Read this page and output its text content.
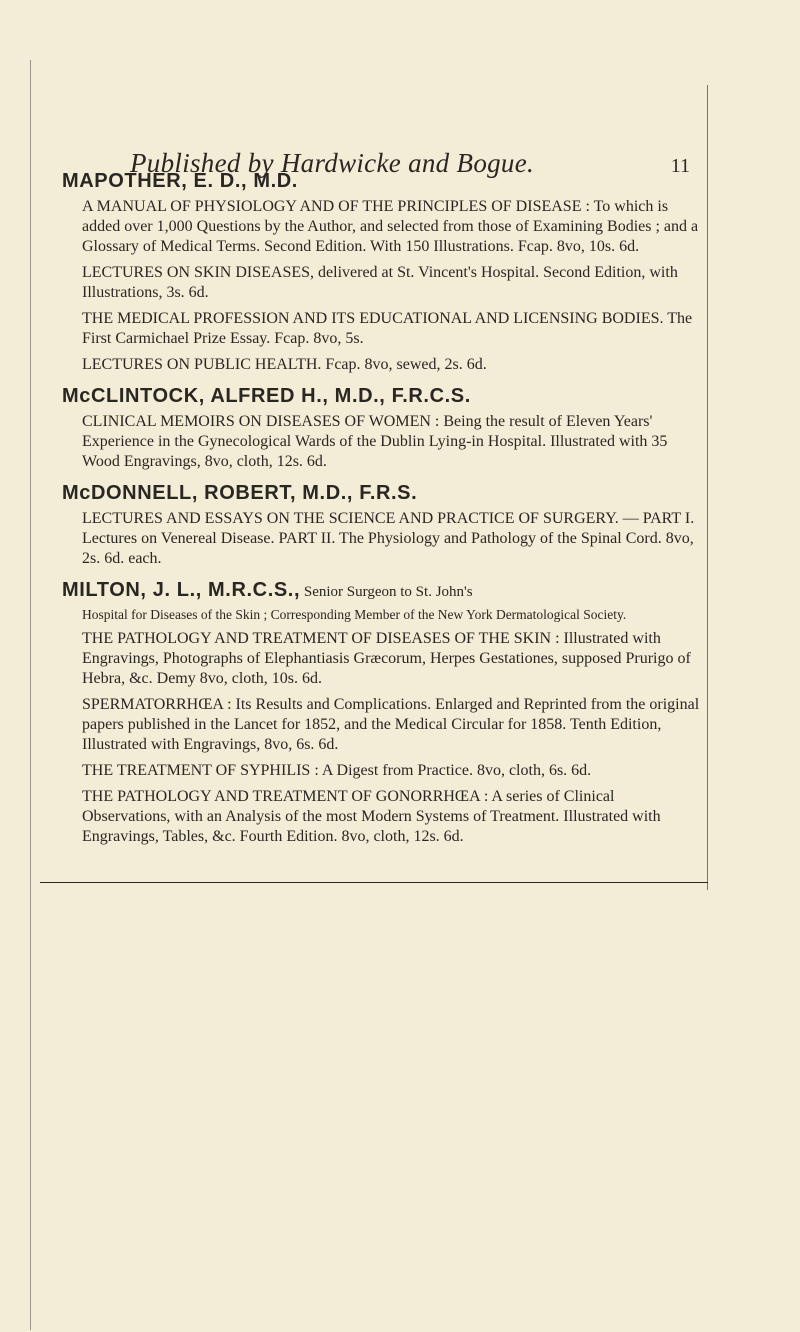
Published by Hardwicke and Bogue.	11
MAPOTHER, E. D., M.D.

A MANUAL OF PHYSIOLOGY AND OF THE PRINCIPLES OF DISEASE : To which is added over 1,000 Questions by the Author, and selected from those of Examining Bodies ; and a Glossary of Medical Terms. Second Edition. With 150 Illustrations. Fcap. 8vo, 10s. 6d.

LECTURES ON SKIN DISEASES, delivered at St. Vincent's Hospital. Second Edition, with Illustrations, 3s. 6d.

THE MEDICAL PROFESSION AND ITS EDUCATIONAL AND LICENSING BODIES. The First Carmichael Prize Essay. Fcap. 8vo, 5s.

LECTURES ON PUBLIC HEALTH. Fcap. 8vo, sewed, 2s. 6d.

McCLINTOCK, ALFRED H., M.D., F.R.C.S.

CLINICAL MEMOIRS ON DISEASES OF WOMEN : Being the result of Eleven Years' Experience in the Gynecological Wards of the Dublin Lying-in Hospital. Illustrated with 35 Wood Engravings, 8vo, cloth, 12s. 6d.

McDONNELL, ROBERT, M.D., F.R.S.

LECTURES AND ESSAYS ON THE SCIENCE AND PRACTICE OF SURGERY. — PART I. Lectures on Venereal Disease. PART II. The Physiology and Pathology of the Spinal Cord. 8vo, 2s. 6d. each.

MILTON, J. L., M.R.C.S., Senior Surgeon to St. John's
Hospital for Diseases of the Skin ; Corresponding Member of the New York Dermatological Society.

THE PATHOLOGY AND TREATMENT OF DISEASES OF THE SKIN : Illustrated with Engravings, Photographs of Elephantiasis Græcorum, Herpes Gestationes, supposed Prurigo of Hebra, &c. Demy 8vo, cloth, 10s. 6d.

SPERMATORRHŒA : Its Results and Complications. Enlarged and Reprinted from the original papers published in the Lancet for 1852, and the Medical Circular for 1858. Tenth Edition, Illustrated with Engravings, 8vo, 6s. 6d.

THE TREATMENT OF SYPHILIS : A Digest from Practice. 8vo, cloth, 6s. 6d.

THE PATHOLOGY AND TREATMENT OF GONORRHŒA : A series of Clinical Observations, with an Analysis of the most Modern Systems of Treatment. Illustrated with Engravings, Tables, &c. Fourth Edition. 8vo, cloth, 12s. 6d.
